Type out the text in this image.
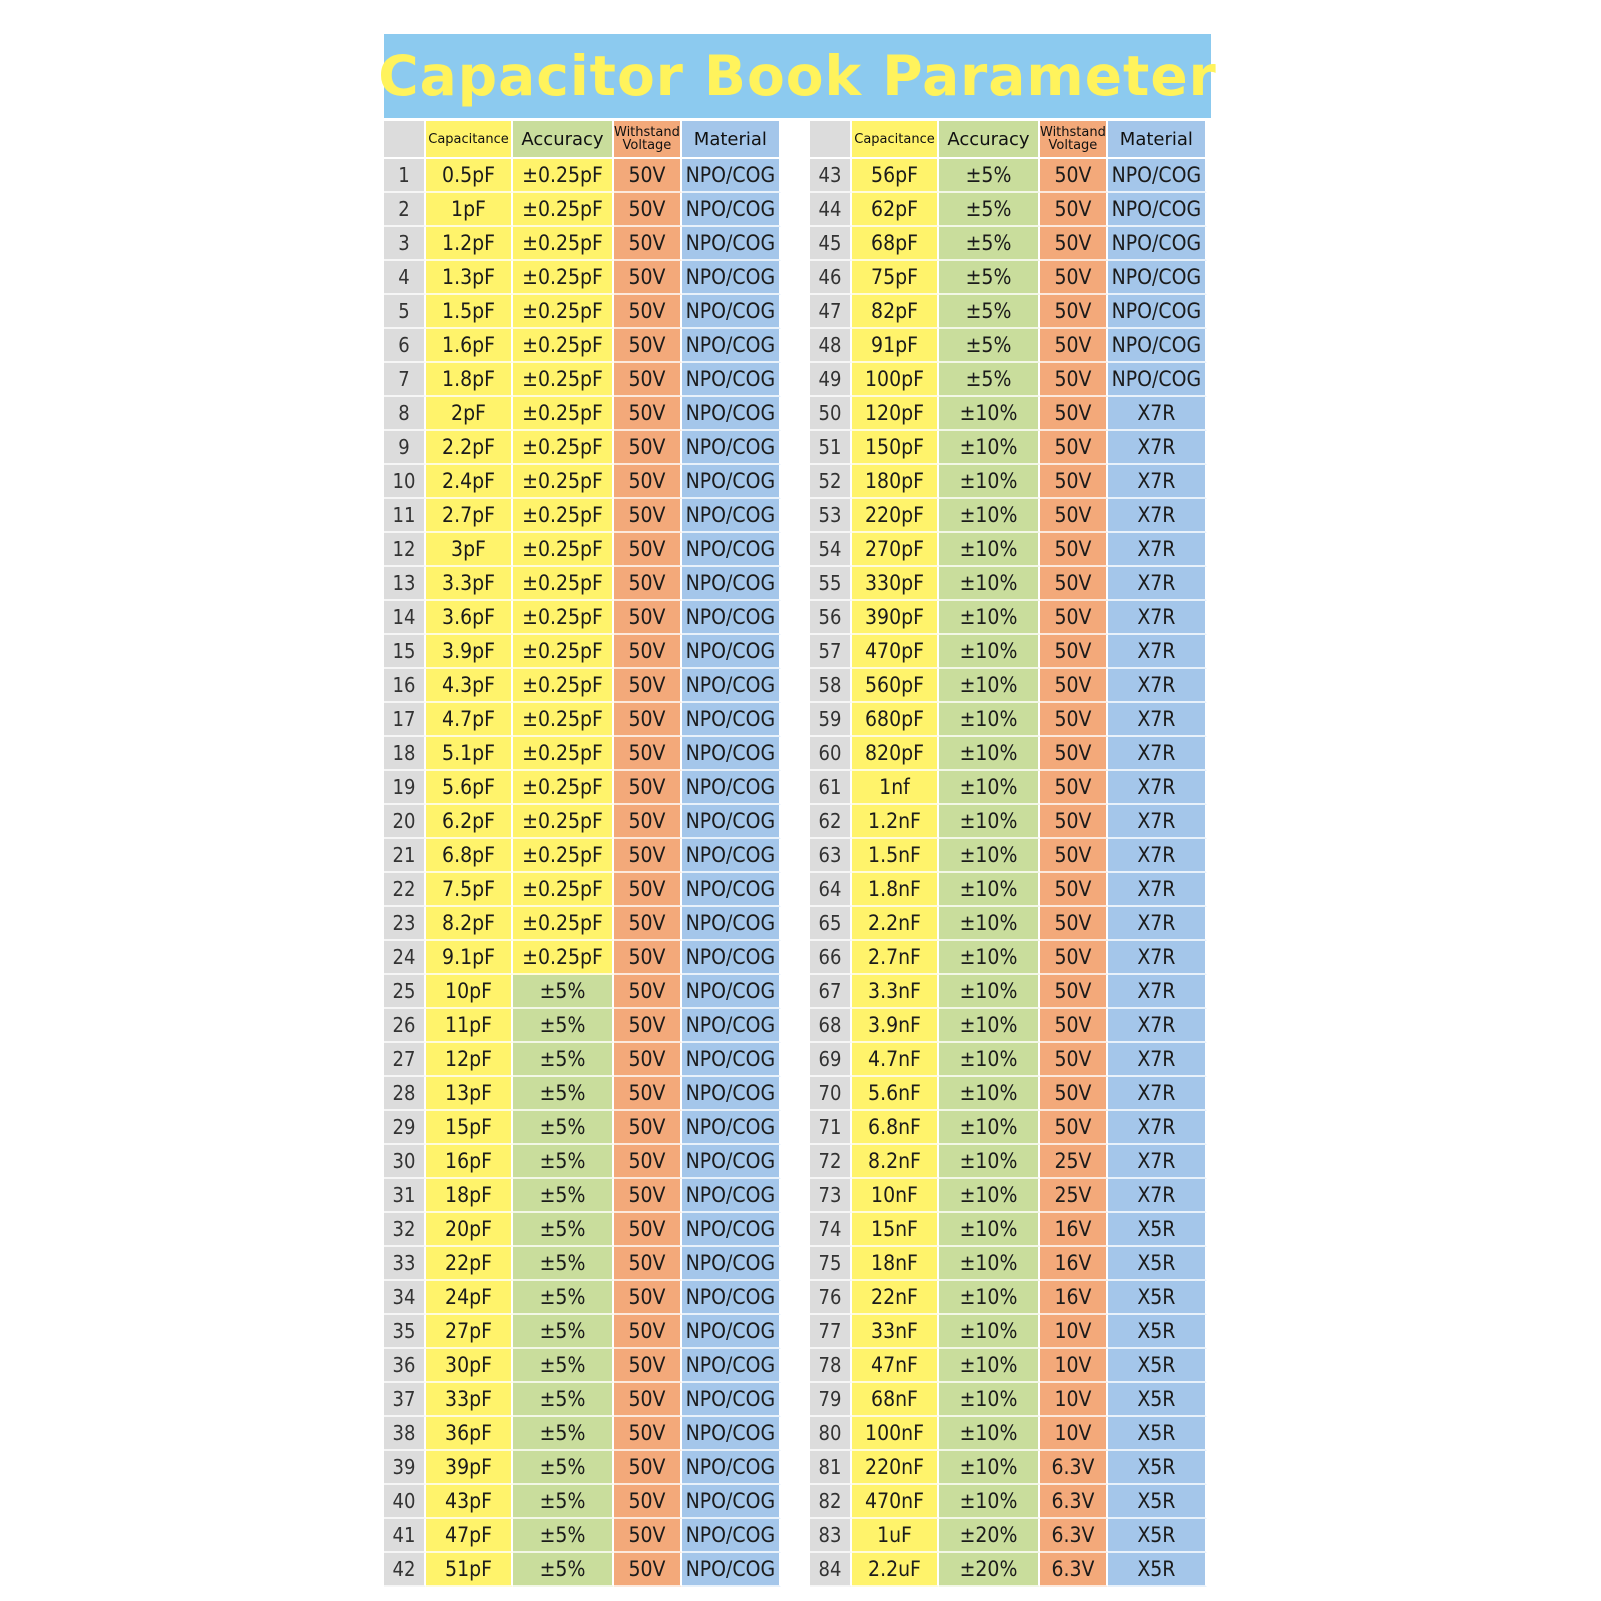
Capacitor Book Parameter
	Capacitance	Accuracy	Withstand
Voltage	Material
1	0.5pF	±0.25pF	50V	NPO/COG
2	1pF	±0.25pF	50V	NPO/COG
3	1.2pF	±0.25pF	50V	NPO/COG
4	1.3pF	±0.25pF	50V	NPO/COG
5	1.5pF	±0.25pF	50V	NPO/COG
6	1.6pF	±0.25pF	50V	NPO/COG
7	1.8pF	±0.25pF	50V	NPO/COG
8	2pF	±0.25pF	50V	NPO/COG
9	2.2pF	±0.25pF	50V	NPO/COG
10	2.4pF	±0.25pF	50V	NPO/COG
11	2.7pF	±0.25pF	50V	NPO/COG
12	3pF	±0.25pF	50V	NPO/COG
13	3.3pF	±0.25pF	50V	NPO/COG
14	3.6pF	±0.25pF	50V	NPO/COG
15	3.9pF	±0.25pF	50V	NPO/COG
16	4.3pF	±0.25pF	50V	NPO/COG
17	4.7pF	±0.25pF	50V	NPO/COG
18	5.1pF	±0.25pF	50V	NPO/COG
19	5.6pF	±0.25pF	50V	NPO/COG
20	6.2pF	±0.25pF	50V	NPO/COG
21	6.8pF	±0.25pF	50V	NPO/COG
22	7.5pF	±0.25pF	50V	NPO/COG
23	8.2pF	±0.25pF	50V	NPO/COG
24	9.1pF	±0.25pF	50V	NPO/COG
25	10pF	±5%	50V	NPO/COG
26	11pF	±5%	50V	NPO/COG
27	12pF	±5%	50V	NPO/COG
28	13pF	±5%	50V	NPO/COG
29	15pF	±5%	50V	NPO/COG
30	16pF	±5%	50V	NPO/COG
31	18pF	±5%	50V	NPO/COG
32	20pF	±5%	50V	NPO/COG
33	22pF	±5%	50V	NPO/COG
34	24pF	±5%	50V	NPO/COG
35	27pF	±5%	50V	NPO/COG
36	30pF	±5%	50V	NPO/COG
37	33pF	±5%	50V	NPO/COG
38	36pF	±5%	50V	NPO/COG
39	39pF	±5%	50V	NPO/COG
40	43pF	±5%	50V	NPO/COG
41	47pF	±5%	50V	NPO/COG
42	51pF	±5%	50V	NPO/COG
	Capacitance	Accuracy	Withstand
Voltage	Material
43	56pF	±5%	50V	NPO/COG
44	62pF	±5%	50V	NPO/COG
45	68pF	±5%	50V	NPO/COG
46	75pF	±5%	50V	NPO/COG
47	82pF	±5%	50V	NPO/COG
48	91pF	±5%	50V	NPO/COG
49	100pF	±5%	50V	NPO/COG
50	120pF	±10%	50V	X7R
51	150pF	±10%	50V	X7R
52	180pF	±10%	50V	X7R
53	220pF	±10%	50V	X7R
54	270pF	±10%	50V	X7R
55	330pF	±10%	50V	X7R
56	390pF	±10%	50V	X7R
57	470pF	±10%	50V	X7R
58	560pF	±10%	50V	X7R
59	680pF	±10%	50V	X7R
60	820pF	±10%	50V	X7R
61	1nf	±10%	50V	X7R
62	1.2nF	±10%	50V	X7R
63	1.5nF	±10%	50V	X7R
64	1.8nF	±10%	50V	X7R
65	2.2nF	±10%	50V	X7R
66	2.7nF	±10%	50V	X7R
67	3.3nF	±10%	50V	X7R
68	3.9nF	±10%	50V	X7R
69	4.7nF	±10%	50V	X7R
70	5.6nF	±10%	50V	X7R
71	6.8nF	±10%	50V	X7R
72	8.2nF	±10%	25V	X7R
73	10nF	±10%	25V	X7R
74	15nF	±10%	16V	X5R
75	18nF	±10%	16V	X5R
76	22nF	±10%	16V	X5R
77	33nF	±10%	10V	X5R
78	47nF	±10%	10V	X5R
79	68nF	±10%	10V	X5R
80	100nF	±10%	10V	X5R
81	220nF	±10%	6.3V	X5R
82	470nF	±10%	6.3V	X5R
83	1uF	±20%	6.3V	X5R
84	2.2uF	±20%	6.3V	X5R
